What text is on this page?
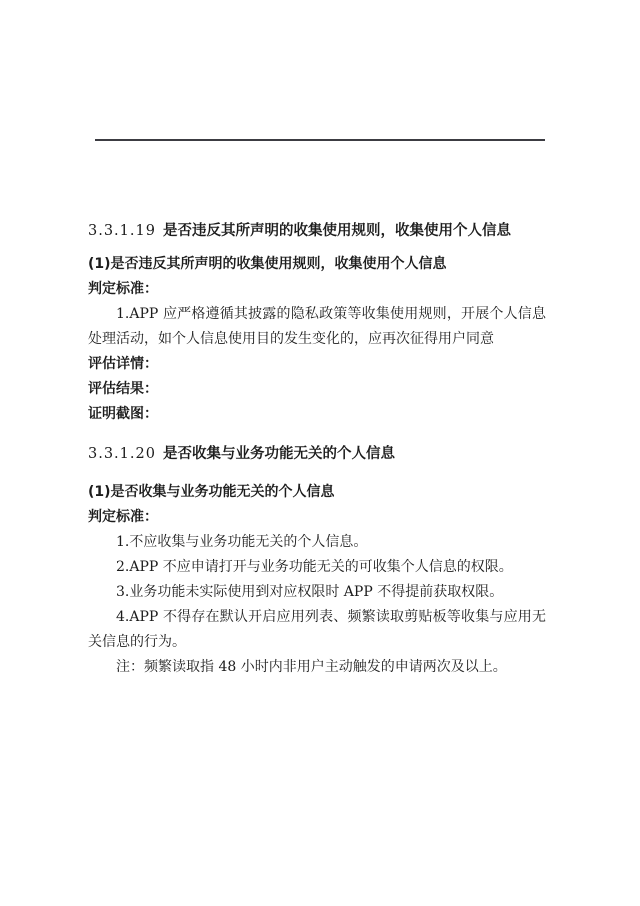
3.3.1.19 是否违反其所声明的收集使用规则，收集使用个人信息

(1)是否违反其所声明的收集使用规则，收集使用个人信息

判定标准：

1.APP 应严格遵循其披露的隐私政策等收集使用规则，开展个人信息处理活动，如个人信息使用目的发生变化的，应再次征得用户同意

评估详情：

评估结果：

证明截图：

3.3.1.20 是否收集与业务功能无关的个人信息

(1)是否收集与业务功能无关的个人信息

判定标准：

1.不应收集与业务功能无关的个人信息。

2.APP 不应申请打开与业务功能无关的可收集个人信息的权限。

3.业务功能未实际使用到对应权限时 APP 不得提前获取权限。

4.APP 不得存在默认开启应用列表、频繁读取剪贴板等收集与应用无关信息的行为。

注：频繁读取指 48 小时内非用户主动触发的申请两次及以上。
